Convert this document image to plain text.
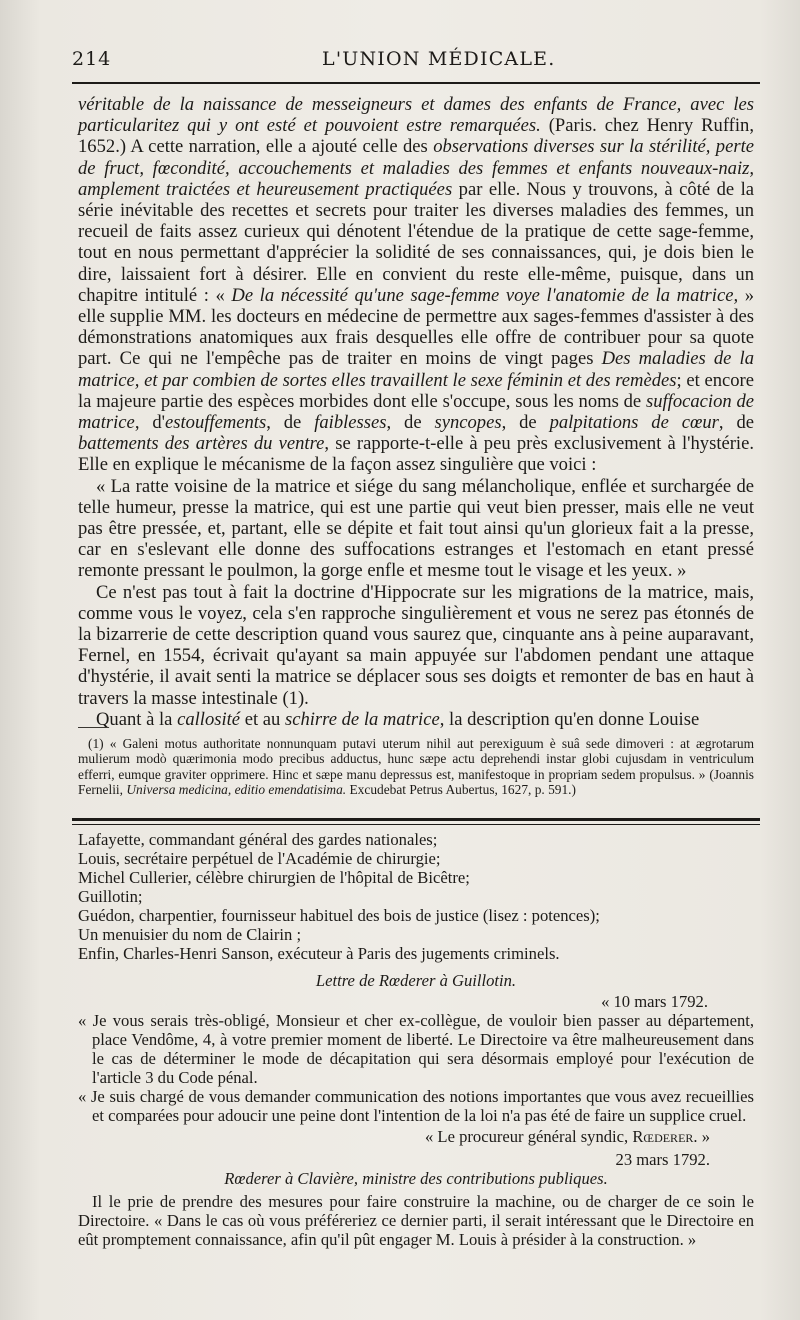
214	L'UNION MÉDICALE.

véritable de la naissance de messeigneurs et dames des enfants de France, avec les particularitez qui y ont esté et pouvoient estre remarquées. (Paris. chez Henry Ruffin, 1652.) A cette narration, elle a ajouté celle des observations diverses sur la stérilité, perte de fruct, fœcondité, accouchements et maladies des femmes et enfants nouveaux-naiz, amplement traictées et heureusement practiquées par elle. Nous y trouvons, à côté de la série inévitable des recettes et secrets pour traiter les diverses maladies des femmes, un recueil de faits assez curieux qui dénotent l'étendue de la pratique de cette sage-femme, tout en nous permettant d'apprécier la solidité de ses connaissances, qui, je dois bien le dire, laissaient fort à désirer. Elle en convient du reste elle-même, puisque, dans un chapitre intitulé : « De la nécessité qu'une sage-femme voye l'anatomie de la matrice, » elle supplie MM. les docteurs en médecine de permettre aux sages-femmes d'assister à des démonstrations anatomiques aux frais desquelles elle offre de contribuer pour sa quote part. Ce qui ne l'empêche pas de traiter en moins de vingt pages Des maladies de la matrice, et par combien de sortes elles travaillent le sexe féminin et des remèdes; et encore la majeure partie des espèces morbides dont elle s'occupe, sous les noms de suffocacion de matrice, d'estouffements, de faiblesses, de syncopes, de palpitations de cœur, de battements des artères du ventre, se rapporte-t-elle à peu près exclusivement à l'hystérie. Elle en explique le mécanisme de la façon assez singulière que voici :

« La ratte voisine de la matrice et siége du sang mélancholique, enflée et surchargée de telle humeur, presse la matrice, qui est une partie qui veut bien presser, mais elle ne veut pas être pressée, et, partant, elle se dépite et fait tout ainsi qu'un glorieux fait a la presse, car en s'eslevant elle donne des suffocations estranges et l'estomach en etant pressé remonte pressant le poulmon, la gorge enfle et mesme tout le visage et les yeux. »

Ce n'est pas tout à fait la doctrine d'Hippocrate sur les migrations de la matrice, mais, comme vous le voyez, cela s'en rapproche singulièrement et vous ne serez pas étonnés de la bizarrerie de cette description quand vous saurez que, cinquante ans à peine auparavant, Fernel, en 1554, écrivait qu'ayant sa main appuyée sur l'abdomen pendant une attaque d'hystérie, il avait senti la matrice se déplacer sous ses doigts et remonter de bas en haut à travers la masse intestinale (1).

Quant à la callosité et au schirre de la matrice, la description qu'en donne Louise

(1) « Galeni motus authoritate nonnunquam putavi uterum nihil aut perexiguum è suâ sede dimoveri : at ægrotarum mulierum modò quærimonia modo precibus adductus, hunc sæpe actu deprehendi instar globi cujusdam in ventriculum efferri, eumque graviter opprimere. Hinc et sæpe manu depressus est, manifestoque in propriam sedem propulsus. » (Joannis Fernelii, Universa medicina, editio emendatisima. Excudebat Petrus Aubertus, 1627, p. 591.)

Lafayette, commandant général des gardes nationales;

Louis, secrétaire perpétuel de l'Académie de chirurgie;

Michel Cullerier, célèbre chirurgien de l'hôpital de Bicêtre;

Guillotin;

Guédon, charpentier, fournisseur habituel des bois de justice (lisez : potences);

Un menuisier du nom de Clairin ;

Enfin, Charles-Henri Sanson, exécuteur à Paris des jugements criminels.

Lettre de Rœderer à Guillotin.

« 10 mars 1792.

« Je vous serais très-obligé, Monsieur et cher ex-collègue, de vouloir bien passer au département, place Vendôme, 4, à votre premier moment de liberté. Le Directoire va être malheureusement dans le cas de déterminer le mode de décapitation qui sera désormais employé pour l'exécution de l'article 3 du Code pénal.

« Je suis chargé de vous demander communication des notions importantes que vous avez recueillies et comparées pour adoucir une peine dont l'intention de la loi n'a pas été de faire un supplice cruel.

« Le procureur général syndic, Rœderer. »

23 mars 1792.

Rœderer à Clavière, ministre des contributions publiques.

Il le prie de prendre des mesures pour faire construire la machine, ou de charger de ce soin le Directoire. « Dans le cas où vous préféreriez ce dernier parti, il serait intéressant que le Directoire en eût promptement connaissance, afin qu'il pût engager M. Louis à présider à la construction. »
